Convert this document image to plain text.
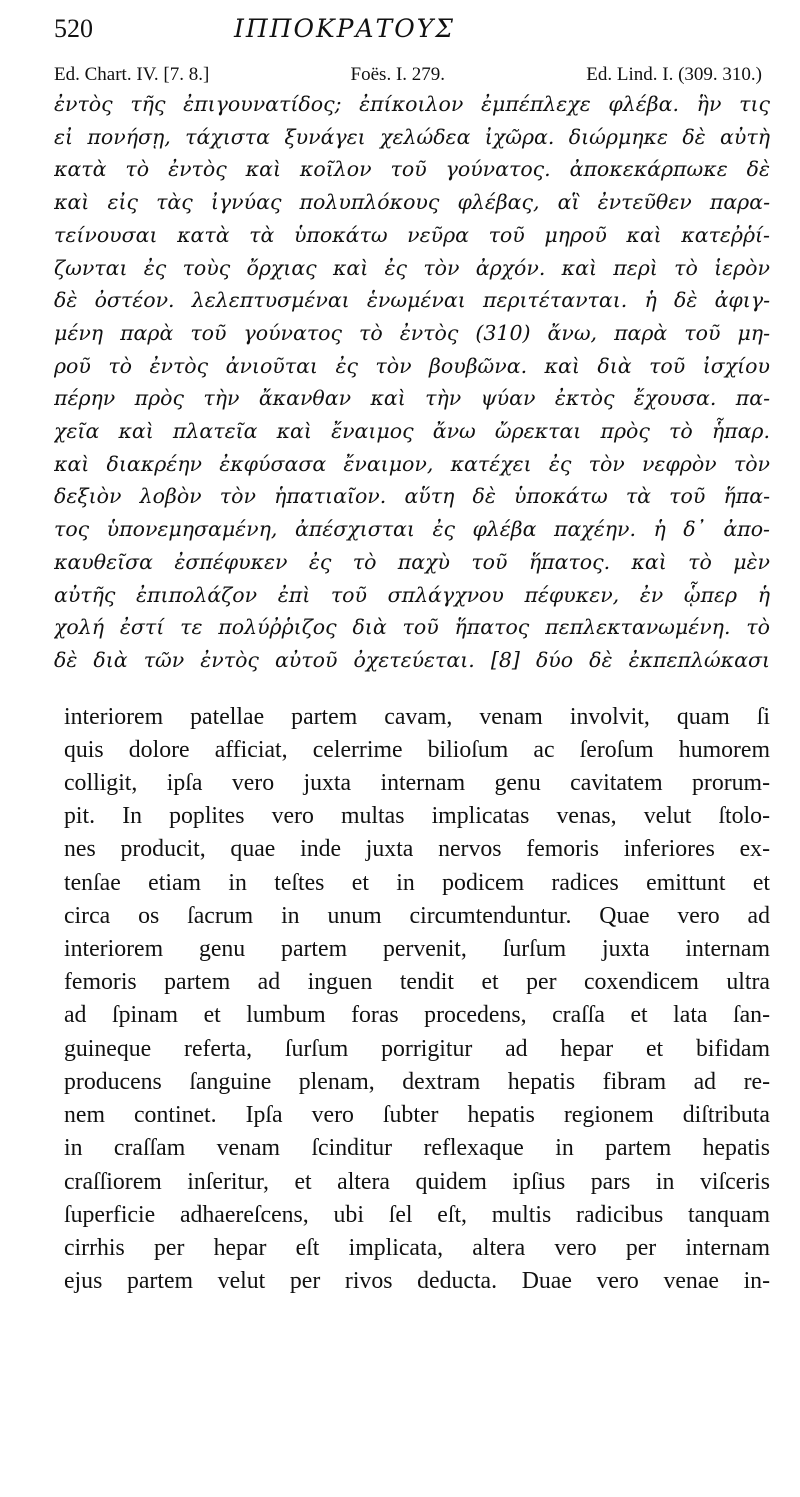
520	ΙΠΠΟΚΡΑΤΟΥΣ
Ed. Chart. IV. [7. 8.]	Foës. I. 279.	Ed. Lind. I. (309. 310.)
ἐντὸς τῆς ἐπιγουνατίδος; ἐπίκοιλον ἐμπέπλεχε φλέβα. ἣν τις
εἰ πονήσῃ, τάχιστα ξυνάγει χελώδεα ἰχῶρα. διώρμηκε δὲ αὐτὴ
κατὰ τὸ ἐντὸς καὶ κοῖλον τοῦ γούνατος. ἀποκεκάρπωκε δὲ
καὶ εἰς τὰς ἰγνύας πολυπλόκους φλέβας, αἳ ἐντεῦθεν παρα-
τείνουσαι κατὰ τὰ ὑποκάτω νεῦρα τοῦ μηροῦ καὶ κατεῤῥί-
ζωνται ἐς τοὺς ὄρχιας καὶ ἐς τὸν ἀρχόν. καὶ περὶ τὸ ἱερὸν
δὲ ὀστέον. λελεπτυσμέναι ἑνωμέναι περιτέτανται. ἡ δὲ ἀφιγ-
μένη παρὰ τοῦ γούνατος τὸ ἐντὸς (310) ἄνω, παρὰ τοῦ μη-
ροῦ τὸ ἐντὸς ἀνιοῦται ἐς τὸν βουβῶνα. καὶ διὰ τοῦ ἰσχίου
πέρην πρὸς τὴν ἄκανθαν καὶ τὴν ψύαν ἐκτὸς ἔχουσα. πα-
χεῖα καὶ πλατεῖα καὶ ἔναιμος ἄνω ὤρεκται πρὸς τὸ ἧπαρ.
καὶ διακρέην ἐκφύσασα ἔναιμον, κατέχει ἐς τὸν νεφρὸν τὸν
δεξιὸν λοβὸν τὸν ἡπατιαῖον. αὕτη δὲ ὑποκάτω τὰ τοῦ ἥπα-
τος ὑπονεμησαμένη, ἀπέσχισται ἐς φλέβα παχέην. ἡ δ᾽ ἀπο-
καυθεῖσα ἐσπέφυκεν ἐς τὸ παχὺ τοῦ ἥπατος. καὶ τὸ μὲν
αὐτῆς ἐπιπολάζον ἐπὶ τοῦ σπλάγχνου πέφυκεν, ἐν ᾧπερ ἡ
χολή ἐστί τε πολύῤῥιζος διὰ τοῦ ἥπατος πεπλεκτανωμένη. τὸ
δὲ διὰ τῶν ἐντὸς αὐτοῦ ὀχετεύεται. [8] δύο δὲ ἐκπεπλώκασι
interiorem patellae partem cavam, venam involvit, quam ſi
quis dolore afficiat, celerrime bilioſum ac ſeroſum humorem
colligit, ipſa vero juxta internam genu cavitatem prorum-
pit. In poplites vero multas implicatas venas, velut ſtolo-
nes producit, quae inde juxta nervos femoris inferiores ex-
tenſae etiam in teſtes et in podicem radices emittunt et
circa os ſacrum in unum circumtenduntur. Quae vero ad
interiorem genu partem pervenit, ſurſum juxta internam
femoris partem ad inguen tendit et per coxendicem ultra
ad ſpinam et lumbum foras procedens, craſſa et lata ſan-
guineque referta, ſurſum porrigitur ad hepar et bifidam
producens ſanguine plenam, dextram hepatis fibram ad re-
nem continet. Ipſa vero ſubter hepatis regionem diſtributa
in craſſam venam ſcinditur reflexaque in partem hepatis
craſſiorem inſeritur, et altera quidem ipſius pars in viſceris
ſuperficie adhaereſcens, ubi ſel eſt, multis radicibus tanquam
cirrhis per hepar eſt implicata, altera vero per internam
ejus partem velut per rivos deducta. Duae vero venae in-
